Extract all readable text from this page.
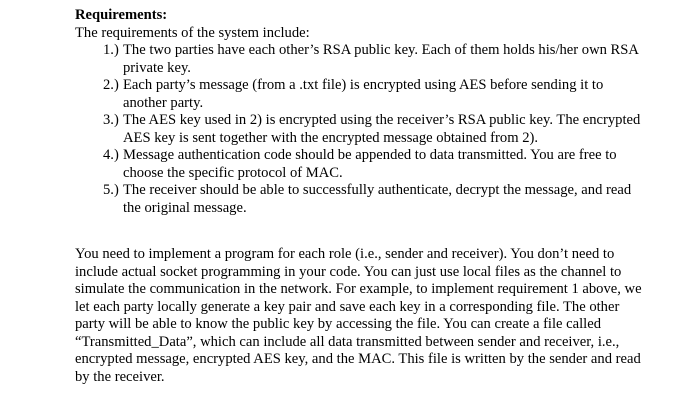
Requirements:
The requirements of the system include:
1.) The two parties have each other’s RSA public key. Each of them holds his/her own RSA
private key.
2.) Each party’s message (from a .txt file) is encrypted using AES before sending it to
another party.
3.) The AES key used in 2) is encrypted using the receiver’s RSA public key. The encrypted
AES key is sent together with the encrypted message obtained from 2).
4.) Message authentication code should be appended to data transmitted. You are free to
choose the specific protocol of MAC.
5.) The receiver should be able to successfully authenticate, decrypt the message, and read
the original message.
You need to implement a program for each role (i.e., sender and receiver). You don’t need to
include actual socket programming in your code. You can just use local files as the channel to
simulate the communication in the network. For example, to implement requirement 1 above, we
let each party locally generate a key pair and save each key in a corresponding file. The other
party will be able to know the public key by accessing the file. You can create a file called
“Transmitted_Data”, which can include all data transmitted between sender and receiver, i.e.,
encrypted message, encrypted AES key, and the MAC. This file is written by the sender and read
by the receiver.
